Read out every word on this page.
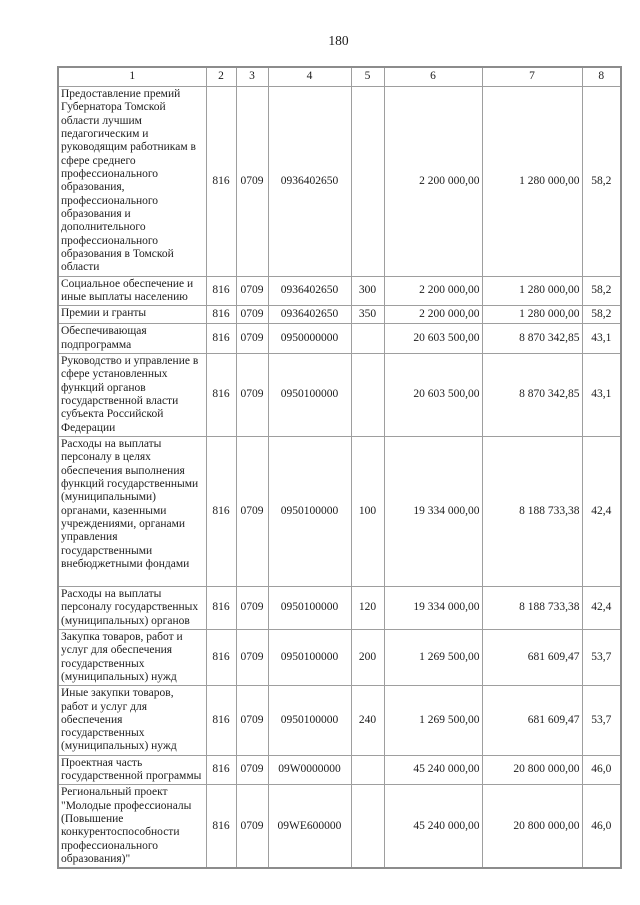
180
1	2	3	4	5	6	7	8
Предоставление премий Губернатора Томской области лучшим педагогическим и руководящим работникам в сфере среднего профессионального образования, профессионального образования и дополнительного профессионального образования в Томской области	816	0709	0936402650		2 200 000,00	1 280 000,00	58,2
Социальное обеспечение и иные выплаты населению	816	0709	0936402650	300	2 200 000,00	1 280 000,00	58,2
Премии и гранты	816	0709	0936402650	350	2 200 000,00	1 280 000,00	58,2
Обеспечивающая подпрограмма	816	0709	0950000000		20 603 500,00	8 870 342,85	43,1
Руководство и управление в сфере установленных функций органов государственной власти субъекта Российской Федерации	816	0709	0950100000		20 603 500,00	8 870 342,85	43,1
Расходы на выплаты персоналу в целях обеспечения выполнения функций государственными (муниципальными) органами, казенными учреждениями, органами управления государственными внебюджетными фондами	816	0709	0950100000	100	19 334 000,00	8 188 733,38	42,4
Расходы на выплаты персоналу государственных (муниципальных) органов	816	0709	0950100000	120	19 334 000,00	8 188 733,38	42,4
Закупка товаров, работ и услуг для обеспечения государственных (муниципальных) нужд	816	0709	0950100000	200	1 269 500,00	681 609,47	53,7
Иные закупки товаров, работ и услуг для обеспечения государственных (муниципальных) нужд	816	0709	0950100000	240	1 269 500,00	681 609,47	53,7
Проектная часть государственной программы	816	0709	09W0000000		45 240 000,00	20 800 000,00	46,0
Региональный проект "Молодые профессионалы (Повышение конкурентоспособности профессионального образования)"	816	0709	09WE600000		45 240 000,00	20 800 000,00	46,0
